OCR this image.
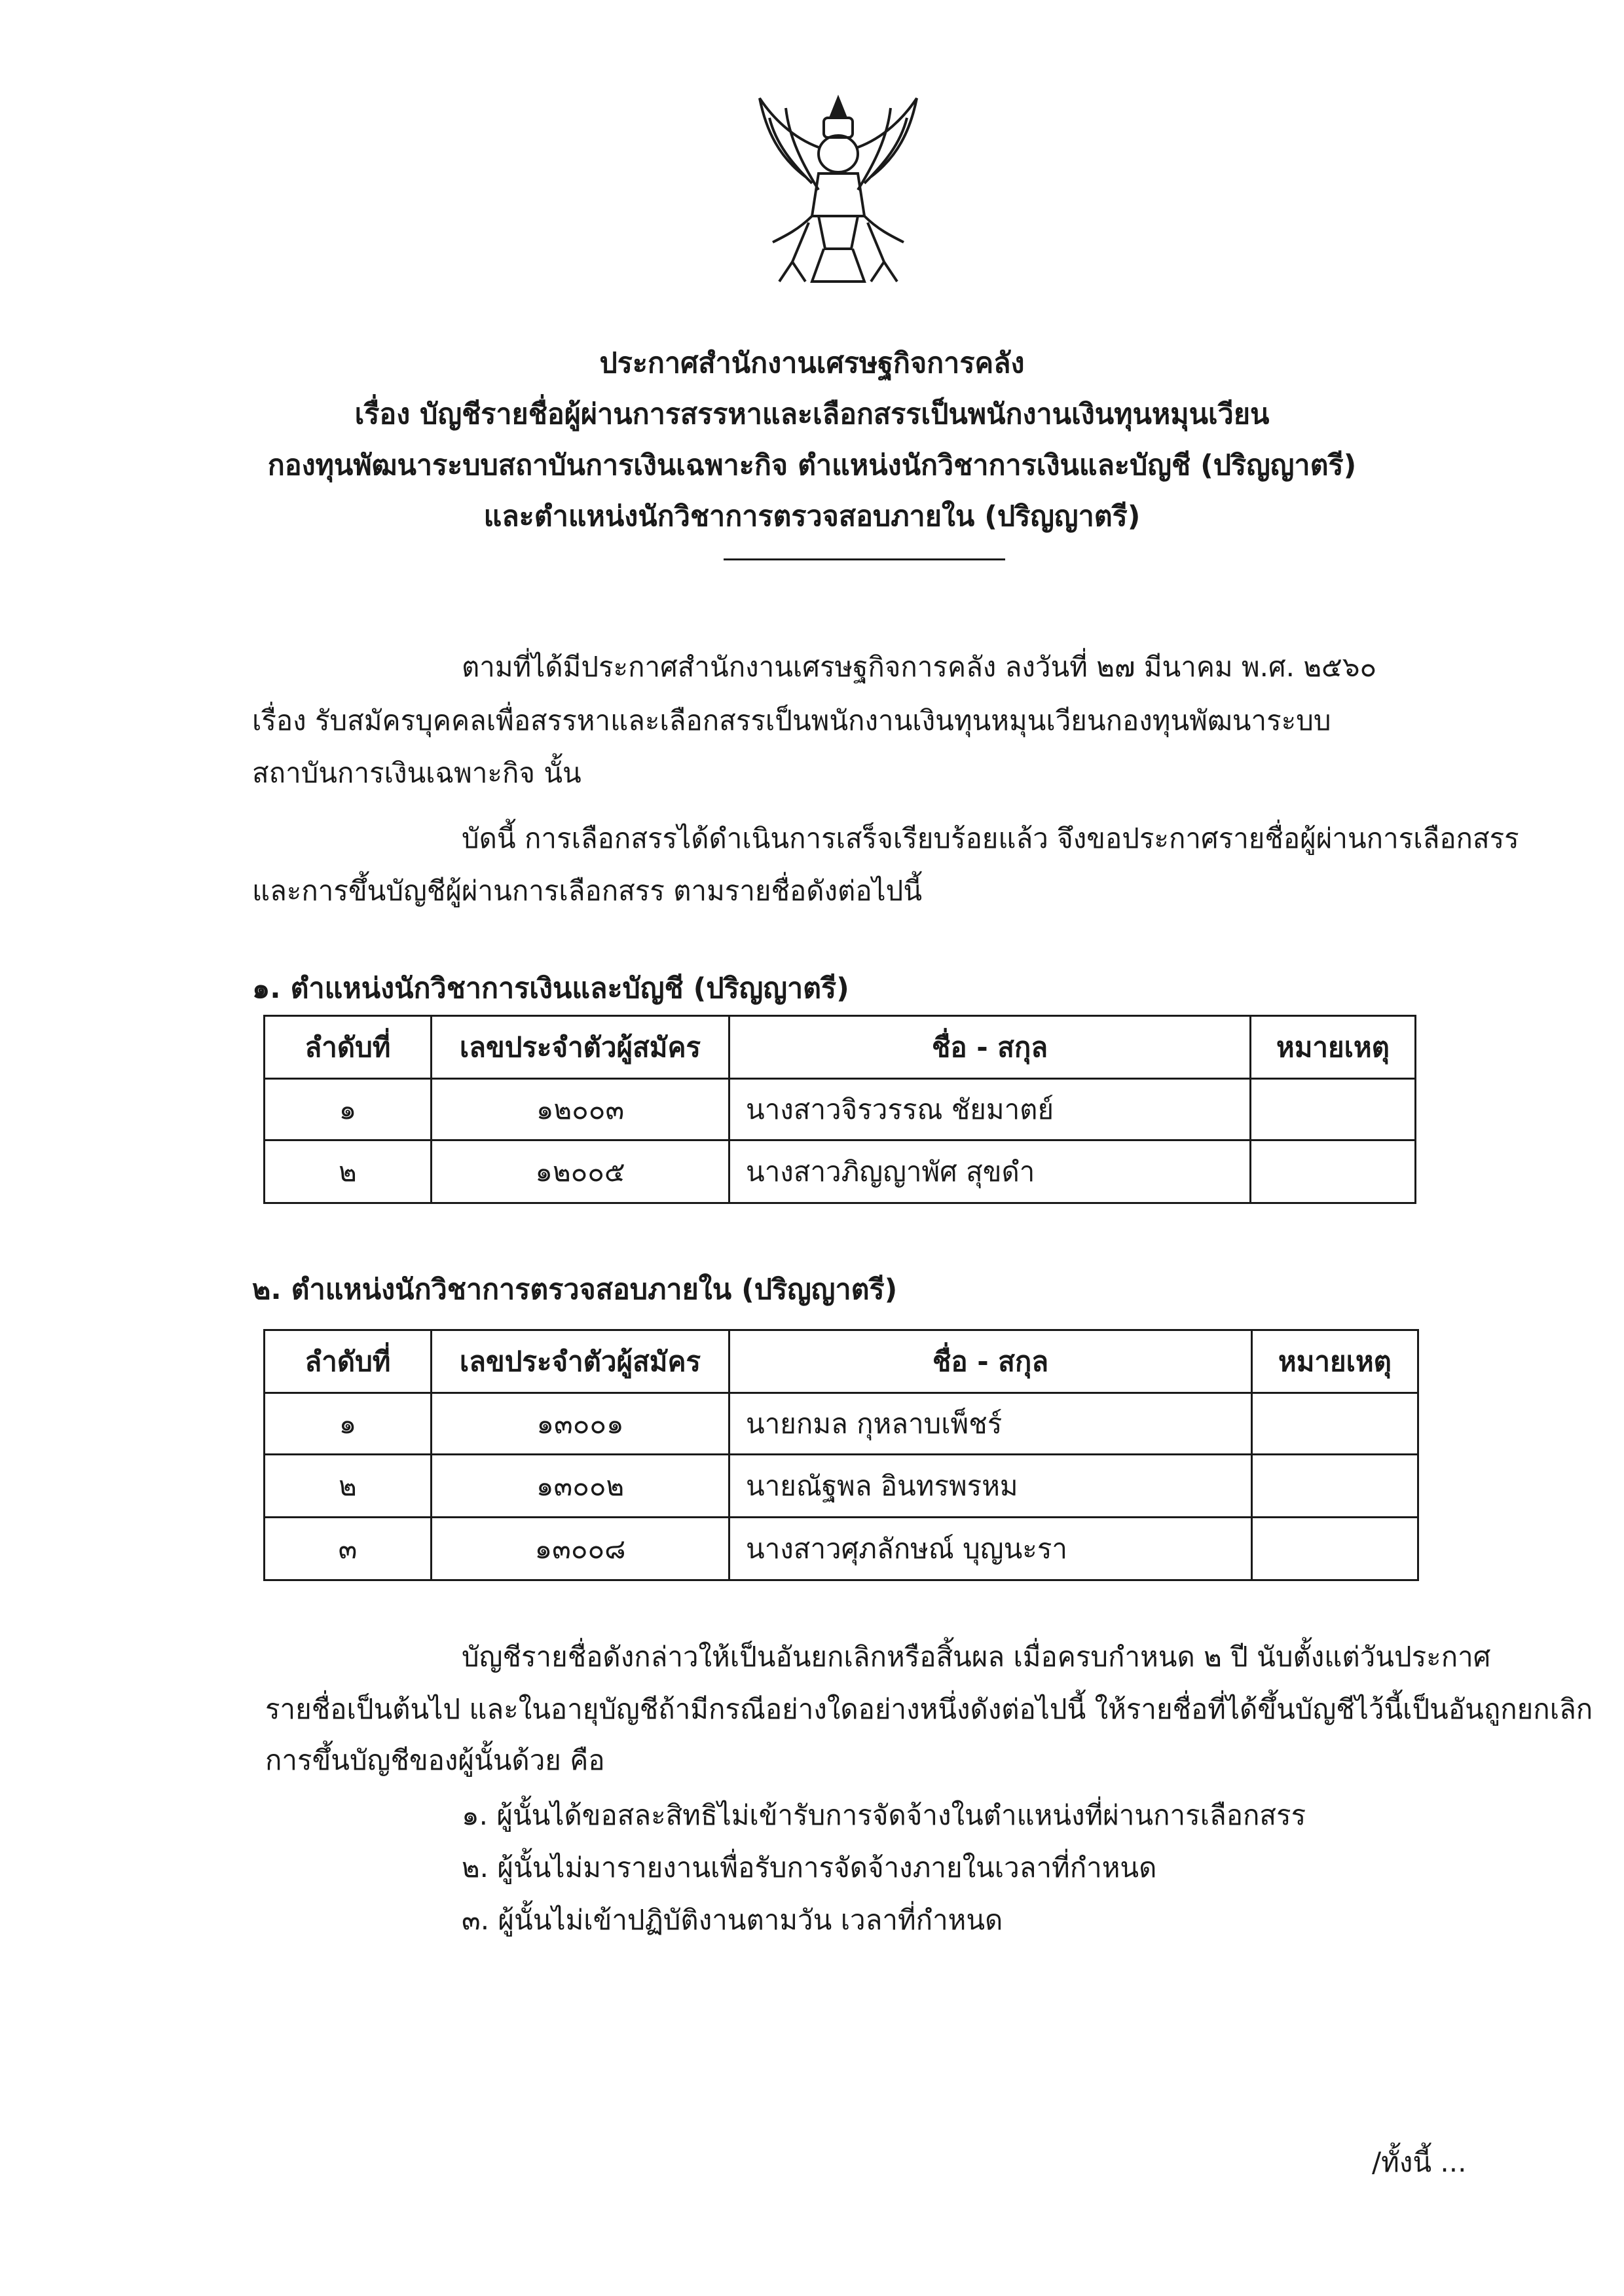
ประกาศสำนักงานเศรษฐกิจการคลัง
เรื่อง บัญชีรายชื่อผู้ผ่านการสรรหาและเลือกสรรเป็นพนักงานเงินทุนหมุนเวียน
กองทุนพัฒนาระบบสถาบันการเงินเฉพาะกิจ ตำแหน่งนักวิชาการเงินและบัญชี (ปริญญาตรี)
และตำแหน่งนักวิชาการตรวจสอบภายใน (ปริญญาตรี)
ตามที่ได้มีประกาศสำนักงานเศรษฐกิจการคลัง ลงวันที่ ๒๗ มีนาคม พ.ศ. ๒๕๖๐
เรื่อง รับสมัครบุคคลเพื่อสรรหาและเลือกสรรเป็นพนักงานเงินทุนหมุนเวียนกองทุนพัฒนาระบบ
สถาบันการเงินเฉพาะกิจ นั้น
บัดนี้ การเลือกสรรได้ดำเนินการเสร็จเรียบร้อยแล้ว จึงขอประกาศรายชื่อผู้ผ่านการเลือกสรร
และการขึ้นบัญชีผู้ผ่านการเลือกสรร ตามรายชื่อดังต่อไปนี้
๑. ตำแหน่งนักวิชาการเงินและบัญชี (ปริญญาตรี)
ลำดับที่	เลขประจำตัวผู้สมัคร	ชื่อ - สกุล	หมายเหตุ
๑	๑๒๐๐๓	นางสาวจิรวรรณ ชัยมาตย์	
๒	๑๒๐๐๕	นางสาวภิญญาพัศ สุขดำ	
๒. ตำแหน่งนักวิชาการตรวจสอบภายใน (ปริญญาตรี)
ลำดับที่	เลขประจำตัวผู้สมัคร	ชื่อ - สกุล	หมายเหตุ
๑	๑๓๐๐๑	นายกมล กุหลาบเพ็ชร์	
๒	๑๓๐๐๒	นายณัฐพล อินทรพรหม	
๓	๑๓๐๐๘	นางสาวศุภลักษณ์ บุญนะรา	
บัญชีรายชื่อดังกล่าวให้เป็นอันยกเลิกหรือสิ้นผล เมื่อครบกำหนด ๒ ปี นับตั้งแต่วันประกาศ
รายชื่อเป็นต้นไป และในอายุบัญชีถ้ามีกรณีอย่างใดอย่างหนึ่งดังต่อไปนี้ ให้รายชื่อที่ได้ขึ้นบัญชีไว้นี้เป็นอันถูกยกเลิก
การขึ้นบัญชีของผู้นั้นด้วย คือ
๑. ผู้นั้นได้ขอสละสิทธิไม่เข้ารับการจัดจ้างในตำแหน่งที่ผ่านการเลือกสรร
๒. ผู้นั้นไม่มารายงานเพื่อรับการจัดจ้างภายในเวลาที่กำหนด
๓. ผู้นั้นไม่เข้าปฏิบัติงานตามวัน เวลาที่กำหนด
/ทั้งนี้ ...
